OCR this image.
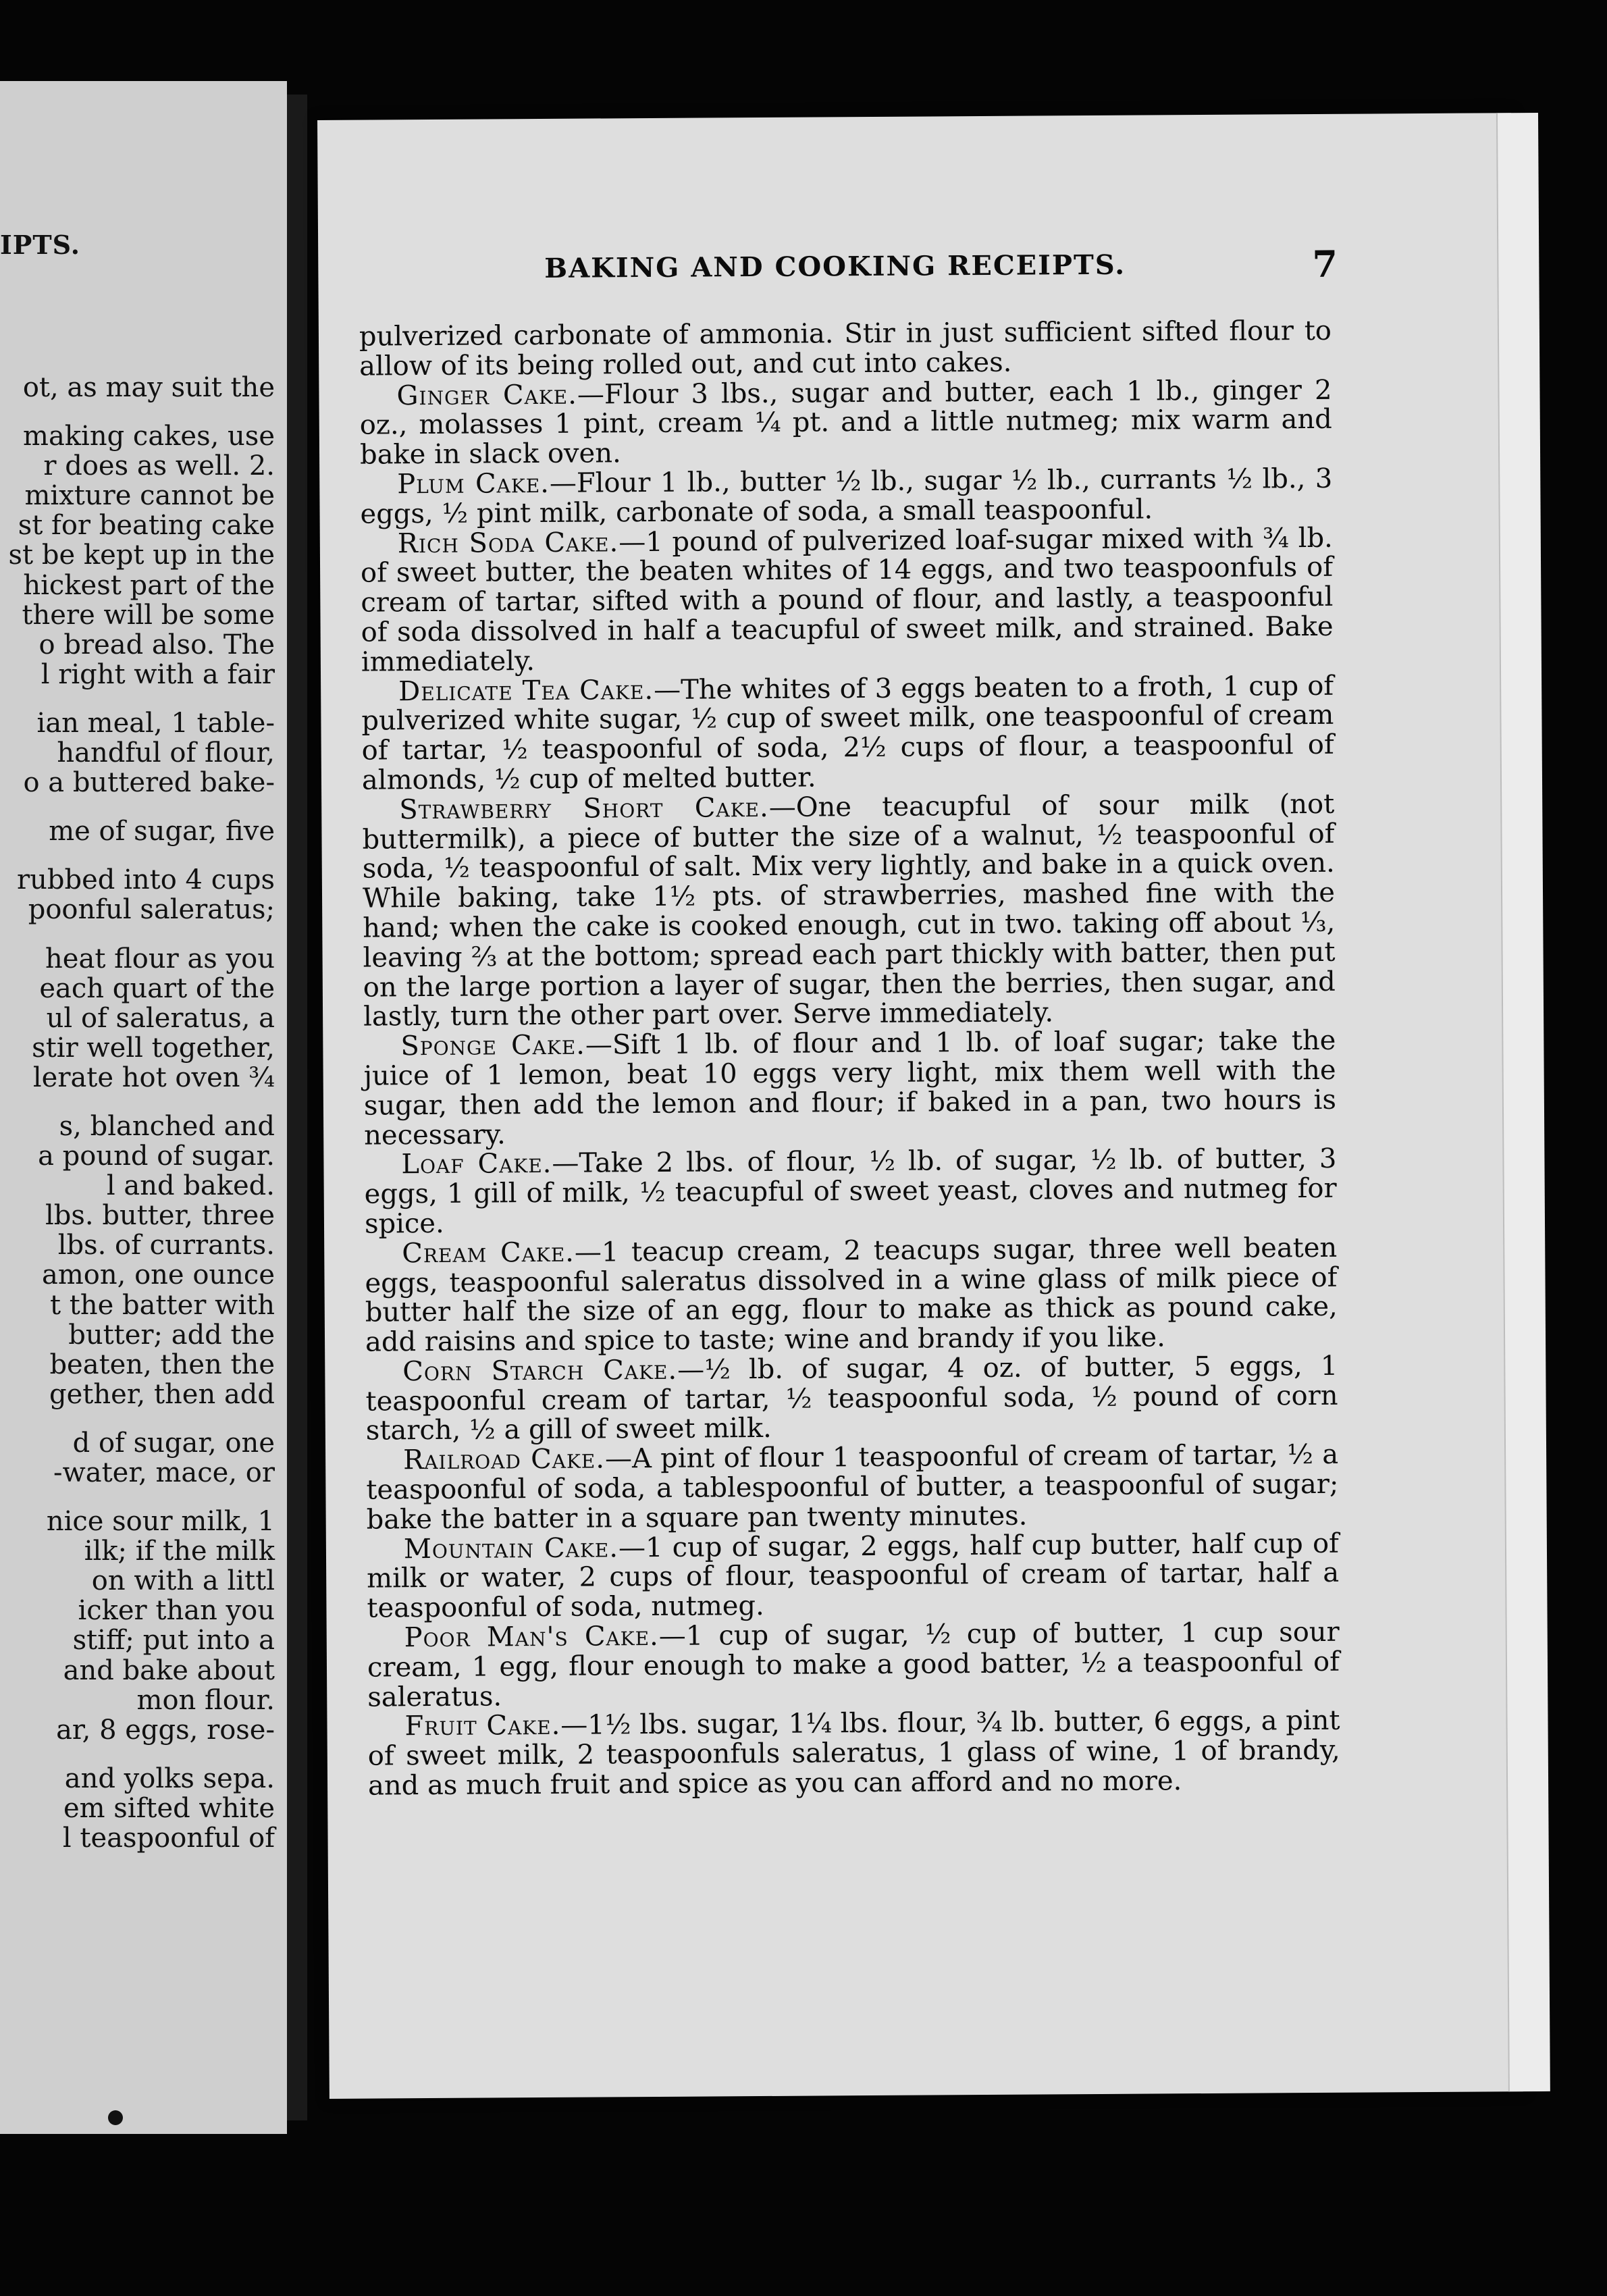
IPTS.
ot, as may suit the
making cakes, use
r does as well. 2.
mixture cannot be
st for beating cake
st be kept up in the
hickest part of the
there will be some
o bread also. The
l right with a fair
ian meal, 1 table-
handful of flour,
o a buttered bake-
me of sugar, five
rubbed into 4 cups
poonful saleratus;
heat flour as you
each quart of the
ul of saleratus, a
stir well together,
lerate hot oven ¾
s, blanched and
a pound of sugar.
l and baked.
lbs. butter, three
lbs. of currants.
amon, one ounce
t the batter with
butter; add the
beaten, then the
gether, then add
d of sugar, one
-water, mace, or
nice sour milk, 1
ilk; if the milk
on with a littl
icker than you
stiff; put into a
and bake about
mon flour.
ar, 8 eggs, rose-
and yolks sepa.
em sifted white
l teaspoonful of
BAKING AND COOKING RECEIPTS.	7

pulverized carbonate of ammonia. Stir in just sufficient sifted flour to allow of its being rolled out, and cut into cakes.

Ginger Cake.—Flour 3 lbs., sugar and butter, each 1 lb., ginger 2 oz., molasses 1 pint, cream ¼ pt. and a little nutmeg; mix warm and bake in slack oven.

Plum Cake.—Flour 1 lb., butter ½ lb., sugar ½ lb., currants ½ lb., 3 eggs, ½ pint milk, carbonate of soda, a small teaspoonful.

Rich Soda Cake.—1 pound of pulverized loaf-sugar mixed with ¾ lb. of sweet butter, the beaten whites of 14 eggs, and two teaspoonfuls of cream of tartar, sifted with a pound of flour, and lastly, a teaspoonful of soda dissolved in half a teacupful of sweet milk, and strained. Bake immediately.

Delicate Tea Cake.—The whites of 3 eggs beaten to a froth, 1 cup of pulverized white sugar, ½ cup of sweet milk, one teaspoonful of cream of tartar, ½ teaspoonful of soda, 2½ cups of flour, a teaspoonful of almonds, ½ cup of melted butter.

Strawberry Short Cake.—One teacupful of sour milk (not buttermilk), a piece of butter the size of a walnut, ½ teaspoonful of soda, ½ teaspoonful of salt. Mix very lightly, and bake in a quick oven. While baking, take 1½ pts. of strawberries, mashed fine with the hand; when the cake is cooked enough, cut in two. taking off about ⅓, leaving ⅔ at the bottom; spread each part thickly with batter, then put on the large portion a layer of sugar, then the berries, then sugar, and lastly, turn the other part over. Serve immediately.

Sponge Cake.—Sift 1 lb. of flour and 1 lb. of loaf sugar; take the juice of 1 lemon, beat 10 eggs very light, mix them well with the sugar, then add the lemon and flour; if baked in a pan, two hours is necessary.

Loaf Cake.—Take 2 lbs. of flour, ½ lb. of sugar, ½ lb. of butter, 3 eggs, 1 gill of milk, ½ teacupful of sweet yeast, cloves and nutmeg for spice.

Cream Cake.—1 teacup cream, 2 teacups sugar, three well beaten eggs, teaspoonful saleratus dissolved in a wine glass of milk piece of butter half the size of an egg, flour to make as thick as pound cake, add raisins and spice to taste; wine and brandy if you like.

Corn Starch Cake.—½ lb. of sugar, 4 oz. of butter, 5 eggs, 1 teaspoonful cream of tartar, ½ teaspoonful soda, ½ pound of corn starch, ½ a gill of sweet milk.

Railroad Cake.—A pint of flour 1 teaspoonful of cream of tartar, ½ a teaspoonful of soda, a tablespoonful of butter, a teaspoonful of sugar; bake the batter in a square pan twenty minutes.

Mountain Cake.—1 cup of sugar, 2 eggs, half cup butter, half cup of milk or water, 2 cups of flour, teaspoonful of cream of tartar, half a teaspoonful of soda, nutmeg.

Poor Man's Cake.—1 cup of sugar, ½ cup of butter, 1 cup sour cream, 1 egg, flour enough to make a good batter, ½ a teaspoonful of saleratus.

Fruit Cake.—1½ lbs. sugar, 1¼ lbs. flour, ¾ lb. butter, 6 eggs, a pint of sweet milk, 2 teaspoonfuls saleratus, 1 glass of wine, 1 of brandy, and as much fruit and spice as you can afford and no more.
